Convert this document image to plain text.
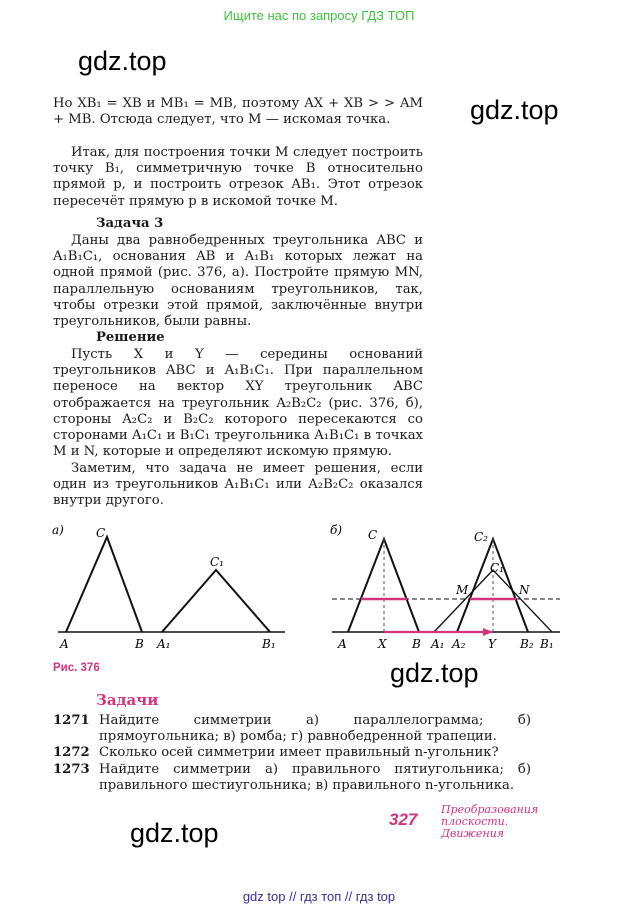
Ищите нас по запросу ГДЗ ТОП
gdz.top
gdz.top
Но XB₁ = XB и MB₁ = MB, поэтому AX + XB > > AM + MB. Отсюда следует, что M — искомая точка.
Итак, для построения точки M следует построить точку B₁, симметричную точке B относительно прямой p, и построить отрезок AB₁. Этот отрезок пересечёт прямую p в искомой точке M.
Задача 3
Даны два равнобедренных треугольника ABC и A₁B₁C₁, основания AB и A₁B₁ которых лежат на одной прямой (рис. 376, а). Постройте прямую MN, параллельную основаниям треугольников, так, чтобы отрезки этой прямой, заключённые внутри треугольников, были равны.
Решение
Пусть X и Y — середины оснований треугольников ABC и A₁B₁C₁. При параллельном переносе на вектор XY треугольник ABC отображается на треугольник A₂B₂C₂ (рис. 376, б), стороны A₂C₂ и B₂C₂ которого пересекаются со сторонами A₁C₁ и B₁C₁ треугольника A₁B₁C₁ в точках M и N, которые и определяют искомую прямую.
Заметим, что задача не имеет решения, если один из треугольников A₁B₁C₁ или A₂B₂C₂ оказался внутри другого.
а)
A	B
C
A₁	B₁
C₁
б)
A	X B A₁ A₂ Y B₂ B₁
C	C₂
C₁
M	N
Рис. 376	gdz.top
Задачи
1271 Найдите симметрии а) параллелограмма; б) прямоугольника; в) ромба; г) равнобедренной трапеции.
1272 Сколько осей симметрии имеет правильный n-угольник?
1273 Найдите симметрии а) правильного пятиугольника; б) правильного шестиугольника; в) правильного n-угольника.
327
Преобразования
плоскости.
Движения
gdz.top
gdz top // гдз топ // гдз top
